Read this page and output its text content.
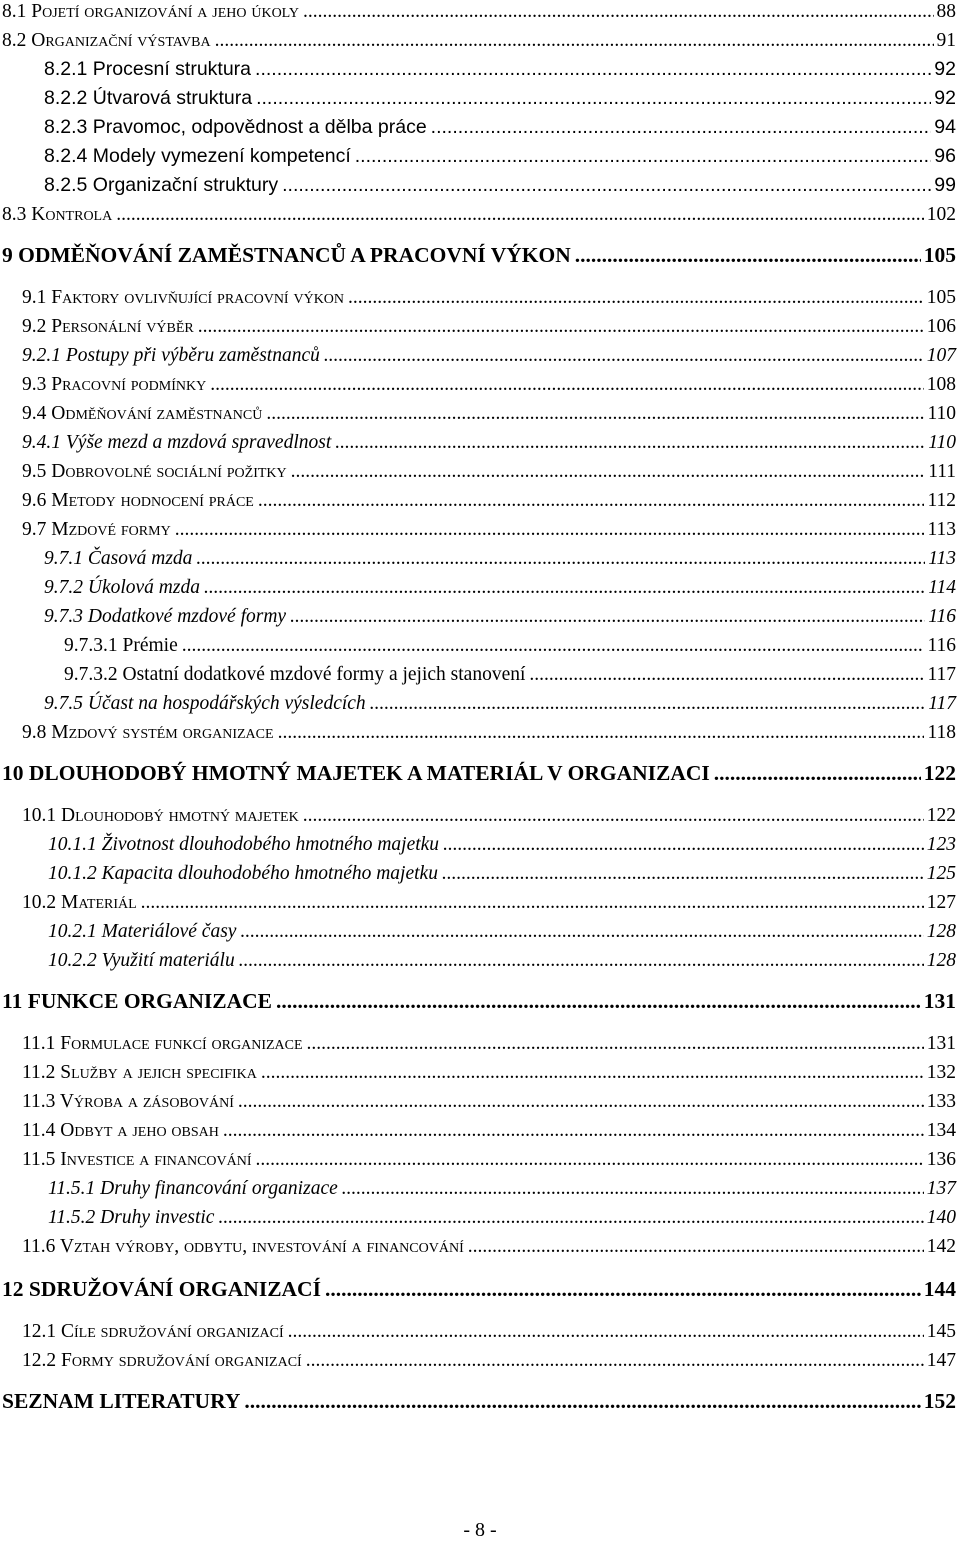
8.1 Pojetí organizování a jeho úkoly .....	88
8.2 Organizační výstavba .....	91
8.2.1 Procesní struktura .....	92
8.2.2 Útvarová struktura .....	92
8.2.3 Pravomoc, odpovědnost a dělba práce .....	94
8.2.4 Modely vymezení kompetencí .....	96
8.2.5 Organizační struktury .....	99
8.3 Kontrola .....	102
9 ODMĚŇOVÁNÍ ZAMĚSTNANCŮ A PRACOVNÍ VÝKON .....	105
9.1 Faktory ovlivňující pracovní výkon .....	105
9.2 Personální výběr .....	106
9.2.1 Postupy při výběru zaměstnanců .....	107
9.3 Pracovní podmínky .....	108
9.4 Odměňování zaměstnanců .....	110
9.4.1 Výše mezd a mzdová spravedlnost .....	110
9.5 Dobrovolné sociální požitky .....	111
9.6 Metody hodnocení práce .....	112
9.7 Mzdové formy .....	113
9.7.1 Časová mzda .....	113
9.7.2 Úkolová mzda .....	114
9.7.3 Dodatkové mzdové formy .....	116
9.7.3.1 Prémie .....	116
9.7.3.2 Ostatní dodatkové mzdové formy a jejich stanovení .....	117
9.7.5 Účast na hospodářských výsledcích .....	117
9.8 Mzdový systém organizace .....	118
10 DLOUHODOBÝ HMOTNÝ MAJETEK A MATERIÁL V ORGANIZACI .....	122
10.1 Dlouhodobý hmotný majetek .....	122
10.1.1 Životnost dlouhodobého hmotného majetku .....	123
10.1.2 Kapacita dlouhodobého hmotného majetku .....	125
10.2 Materiál .....	127
10.2.1 Materiálové časy .....	128
10.2.2 Využití materiálu .....	128
11 FUNKCE ORGANIZACE .....	131
11.1 Formulace funkcí organizace .....	131
11.2 Služby a jejich specifika .....	132
11.3 Výroba a zásobování .....	133
11.4 Odbyt a jeho obsah .....	134
11.5 Investice a financování .....	136
11.5.1 Druhy financování organizace .....	137
11.5.2 Druhy investic .....	140
11.6 Vztah výroby, odbytu, investování a financování .....	142
12 SDRUŽOVÁNÍ ORGANIZACÍ .....	144
12.1 Cíle sdružování organizací .....	145
12.2 Formy sdružování organizací .....	147
SEZNAM LITERATURY .....	152
- 8 -
